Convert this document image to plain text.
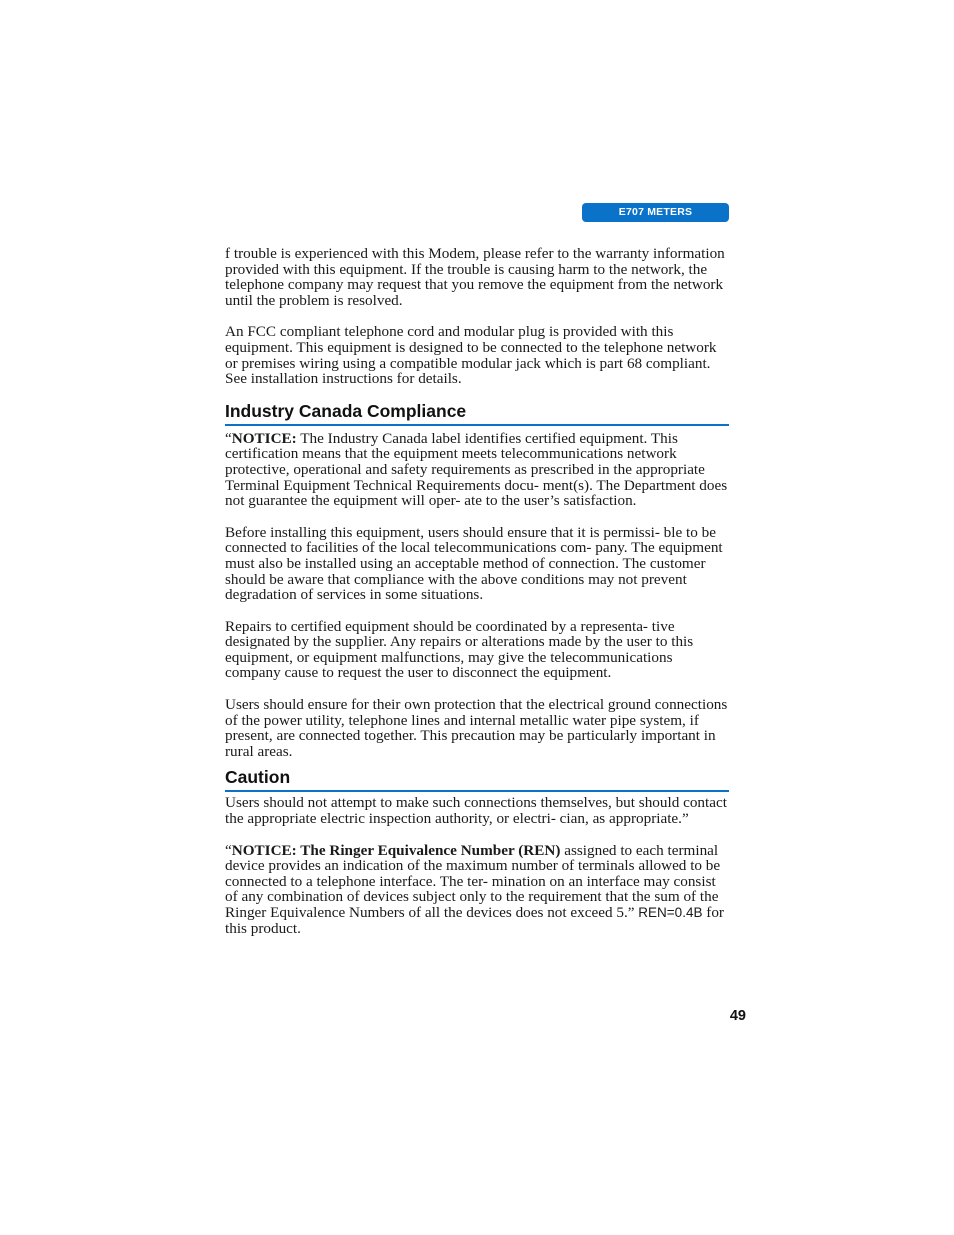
E707 METERS

f trouble is experienced with this Modem, please refer to the warranty information provided with this equipment. If the trouble is causing harm to the network, the telephone company may request that you remove the equipment from the network until the problem is resolved.

An FCC compliant telephone cord and modular plug is provided with this equipment. This equipment is designed to be connected to the telephone network or premises wiring using a compatible modular jack which is part 68 compliant. See installation instructions for details.

Industry Canada Compliance

“NOTICE: The Industry Canada label identifies certified equipment. This certification means that the equipment meets telecommunications network protective, operational and safety requirements as prescribed in the appropriate Terminal Equipment Technical Requirements docu- ment(s). The Department does not guarantee the equipment will oper- ate to the user’s satisfaction.

Before installing this equipment, users should ensure that it is permissi- ble to be connected to facilities of the local telecommunications com- pany. The equipment must also be installed using an acceptable method of connection. The customer should be aware that compliance with the above conditions may not prevent degradation of services in some situations.

Repairs to certified equipment should be coordinated by a representa- tive designated by the supplier. Any repairs or alterations made by the user to this equipment, or equipment malfunctions, may give the telecommunications company cause to request the user to disconnect the equipment.

Users should ensure for their own protection that the electrical ground connections of the power utility, telephone lines and internal metallic water pipe system, if present, are connected together. This precaution may be particularly important in rural areas.

Caution

Users should not attempt to make such connections themselves, but should contact the appropriate electric inspection authority, or electri- cian, as appropriate.”

“NOTICE: The Ringer Equivalence Number (REN) assigned to each terminal device provides an indication of the maximum number of terminals allowed to be connected to a telephone interface. The ter- mination on an interface may consist of any combination of devices subject only to the requirement that the sum of the Ringer Equivalence Numbers of all the devices does not exceed 5.” REN=0.4B for this product.

49
